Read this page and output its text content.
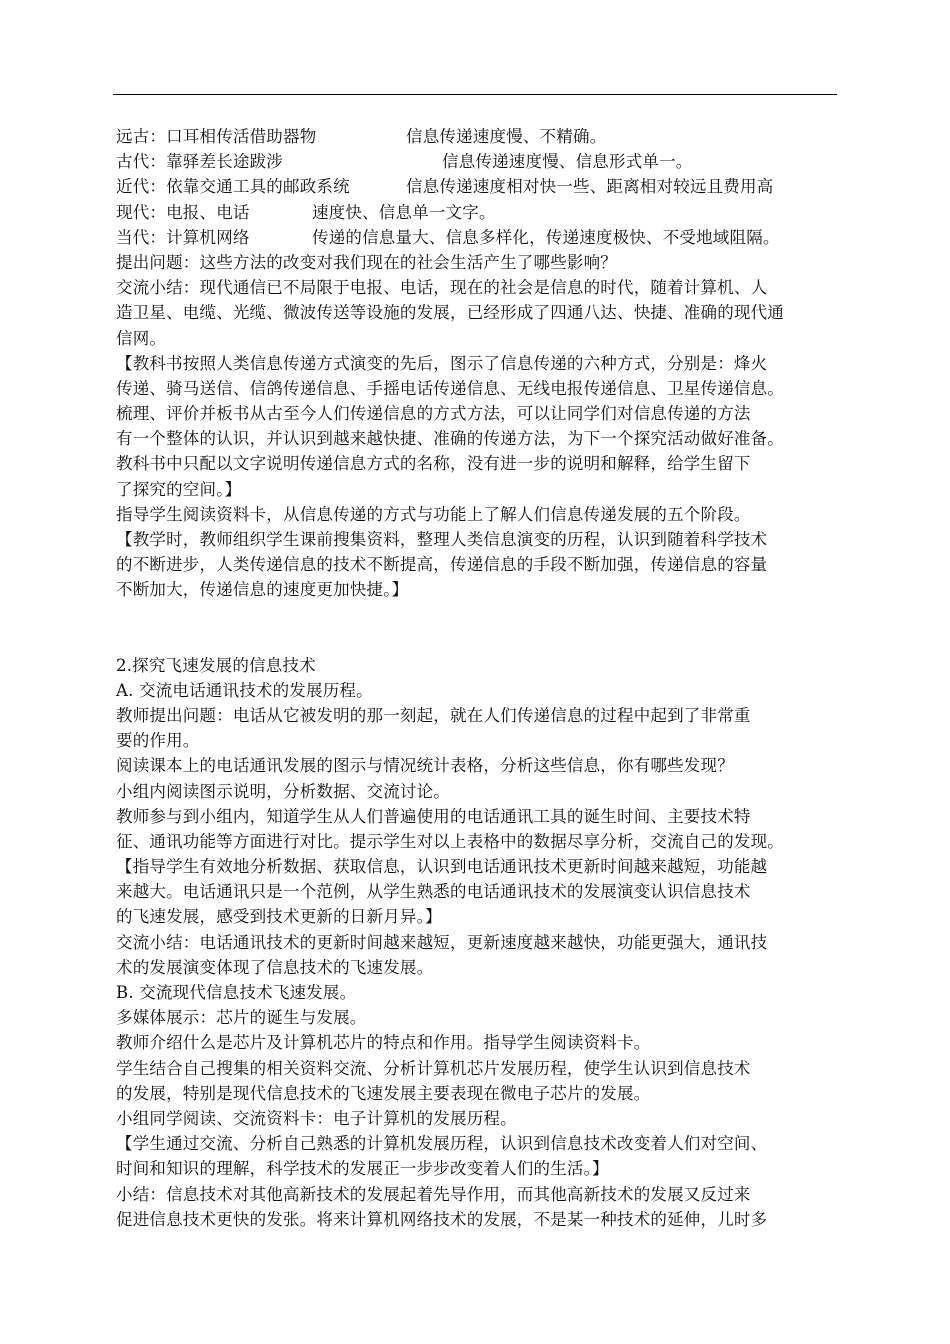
远古：口耳相传活借助器物	信息传递速度慢、不精确。
古代：靠驿差长途跋涉	信息传递速度慢、信息形式单一。
近代：依靠交通工具的邮政系统	信息传递速度相对快一些、距离相对较远且费用高
现代：电报、电话	速度快、信息单一文字。
当代：计算机网络	传递的信息量大、信息多样化，传递速度极快、不受地域阻隔。
提出问题：这些方法的改变对我们现在的社会生活产生了哪些影响？
交流小结：现代通信已不局限于电报、电话，现在的社会是信息的时代，随着计算机、人
造卫星、电缆、光缆、微波传送等设施的发展，已经形成了四通八达、快捷、准确的现代通
信网。
【教科书按照人类信息传递方式演变的先后，图示了信息传递的六种方式，分别是：烽火
传递、骑马送信、信鸽传递信息、手摇电话传递信息、无线电报传递信息、卫星传递信息。
梳理、评价并板书从古至今人们传递信息的方式方法，可以让同学们对信息传递的方法
有一个整体的认识，并认识到越来越快捷、准确的传递方法，为下一个探究活动做好准备。
教科书中只配以文字说明传递信息方式的名称，没有进一步的说明和解释，给学生留下
了探究的空间。】
指导学生阅读资料卡，从信息传递的方式与功能上了解人们信息传递发展的五个阶段。
【教学时，教师组织学生课前搜集资料，整理人类信息演变的历程，认识到随着科学技术
的不断进步，人类传递信息的技术不断提高，传递信息的手段不断加强，传递信息的容量
不断加大，传递信息的速度更加快捷。】
2.探究飞速发展的信息技术
A. 交流电话通讯技术的发展历程。
教师提出问题：电话从它被发明的那一刻起，就在人们传递信息的过程中起到了非常重
要的作用。
阅读课本上的电话通讯发展的图示与情况统计表格，分析这些信息，你有哪些发现？
小组内阅读图示说明，分析数据、交流讨论。
教师参与到小组内，知道学生从人们普遍使用的电话通讯工具的诞生时间、主要技术特
征、通讯功能等方面进行对比。提示学生对以上表格中的数据尽享分析，交流自己的发现。
【指导学生有效地分析数据、获取信息，认识到电话通讯技术更新时间越来越短，功能越
来越大。电话通讯只是一个范例，从学生熟悉的电话通讯技术的发展演变认识信息技术
的飞速发展，感受到技术更新的日新月异。】
交流小结：电话通讯技术的更新时间越来越短，更新速度越来越快，功能更强大，通讯技
术的发展演变体现了信息技术的飞速发展。
B. 交流现代信息技术飞速发展。
多媒体展示：芯片的诞生与发展。
教师介绍什么是芯片及计算机芯片的特点和作用。指导学生阅读资料卡。
学生结合自己搜集的相关资料交流、分析计算机芯片发展历程，使学生认识到信息技术
的发展，特别是现代信息技术的飞速发展主要表现在微电子芯片的发展。
小组同学阅读、交流资料卡：电子计算机的发展历程。
【学生通过交流、分析自己熟悉的计算机发展历程，认识到信息技术改变着人们对空间、
时间和知识的理解，科学技术的发展正一步步改变着人们的生活。】
小结：信息技术对其他高新技术的发展起着先导作用，而其他高新技术的发展又反过来
促进信息技术更快的发张。将来计算机网络技术的发展，不是某一种技术的延伸，儿时多
